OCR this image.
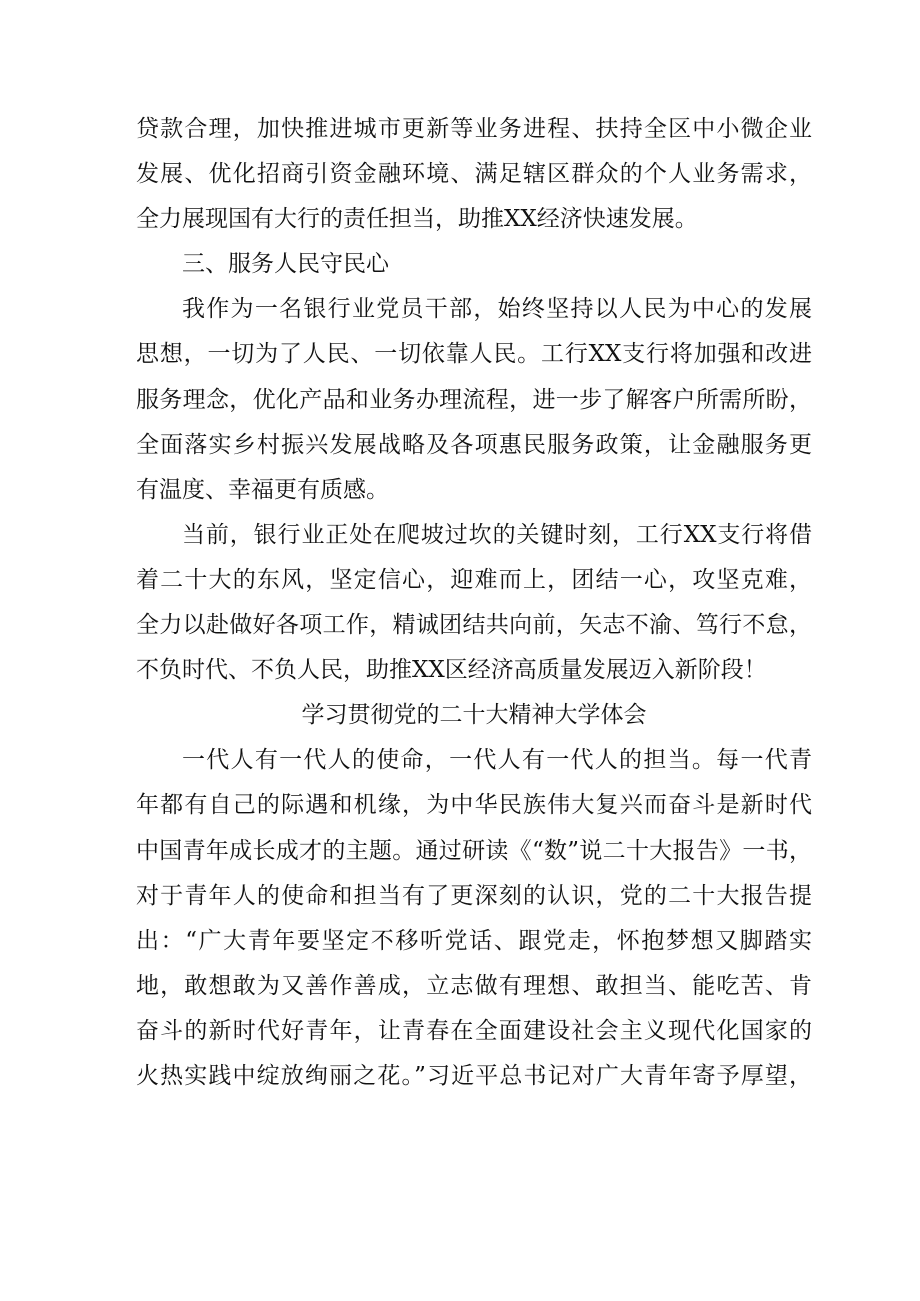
贷款合理，加快推进城市更新等业务进程、扶持全区中小微企业
发展、优化招商引资金融环境、满足辖区群众的个人业务需求，
全力展现国有大行的责任担当，助推XX经济快速发展。
三、服务人民守民心
我作为一名银行业党员干部，始终坚持以人民为中心的发展
思想，一切为了人民、一切依靠人民。工行XX支行将加强和改进
服务理念，优化产品和业务办理流程，进一步了解客户所需所盼，
全面落实乡村振兴发展战略及各项惠民服务政策，让金融服务更
有温度、幸福更有质感。
当前，银行业正处在爬坡过坎的关键时刻，工行XX支行将借
着二十大的东风，坚定信心，迎难而上，团结一心，攻坚克难，
全力以赴做好各项工作，精诚团结共向前，矢志不渝、笃行不怠，
不负时代、不负人民，助推XX区经济高质量发展迈入新阶段！
学习贯彻党的二十大精神大学体会
一代人有一代人的使命，一代人有一代人的担当。每一代青
年都有自己的际遇和机缘，为中华民族伟大复兴而奋斗是新时代
中国青年成长成才的主题。通过研读《“数”说二十大报告》一书，
对于青年人的使命和担当有了更深刻的认识，党的二十大报告提
出：“广大青年要坚定不移听党话、跟党走，怀抱梦想又脚踏实
地，敢想敢为又善作善成，立志做有理想、敢担当、能吃苦、肯
奋斗的新时代好青年，让青春在全面建设社会主义现代化国家的
火热实践中绽放绚丽之花。”习近平总书记对广大青年寄予厚望，
